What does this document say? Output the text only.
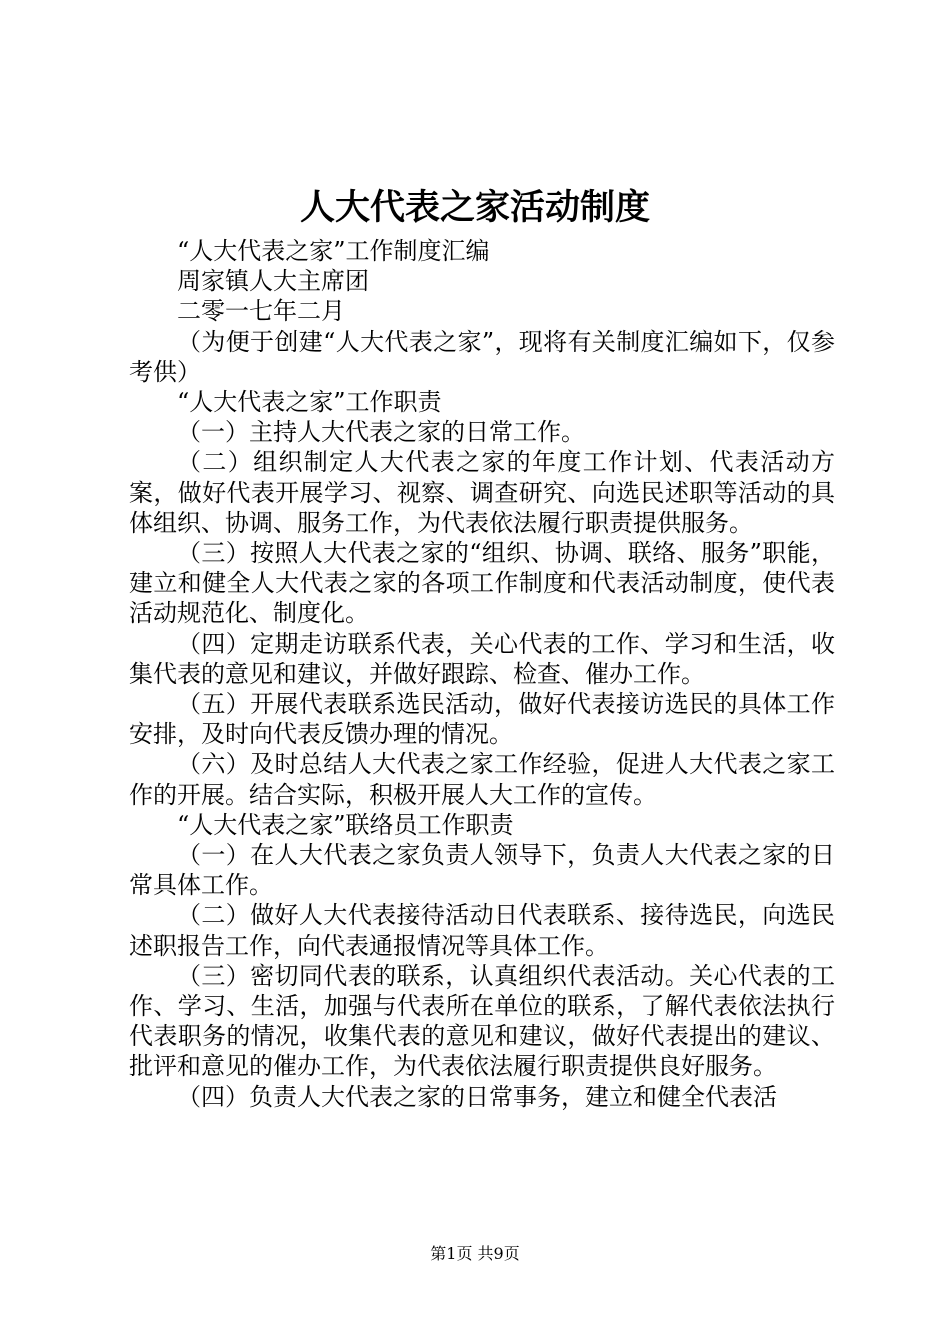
人大代表之家活动制度

“人大代表之家”工作制度汇编

周家镇人大主席团

二零一七年二月

（为便于创建“人大代表之家”，现将有关制度汇编如下，仅参考供）

“人大代表之家”工作职责

（一）主持人大代表之家的日常工作。

（二）组织制定人大代表之家的年度工作计划、代表活动方案，做好代表开展学习、视察、调查研究、向选民述职等活动的具体组织、协调、服务工作，为代表依法履行职责提供服务。

（三）按照人大代表之家的“组织、协调、联络、服务”职能，建立和健全人大代表之家的各项工作制度和代表活动制度，使代表活动规范化、制度化。

（四）定期走访联系代表，关心代表的工作、学习和生活，收集代表的意见和建议，并做好跟踪、检查、催办工作。

（五）开展代表联系选民活动，做好代表接访选民的具体工作安排，及时向代表反馈办理的情况。

（六）及时总结人大代表之家工作经验，促进人大代表之家工作的开展。结合实际，积极开展人大工作的宣传。

“人大代表之家”联络员工作职责

（一）在人大代表之家负责人领导下，负责人大代表之家的日常具体工作。

（二）做好人大代表接待活动日代表联系、接待选民，向选民述职报告工作，向代表通报情况等具体工作。

（三）密切同代表的联系，认真组织代表活动。关心代表的工作、学习、生活，加强与代表所在单位的联系，了解代表依法执行代表职务的情况，收集代表的意见和建议，做好代表提出的建议、批评和意见的催办工作，为代表依法履行职责提供良好服务。

（四）负责人大代表之家的日常事务，建立和健全代表活

第1页 共9页
